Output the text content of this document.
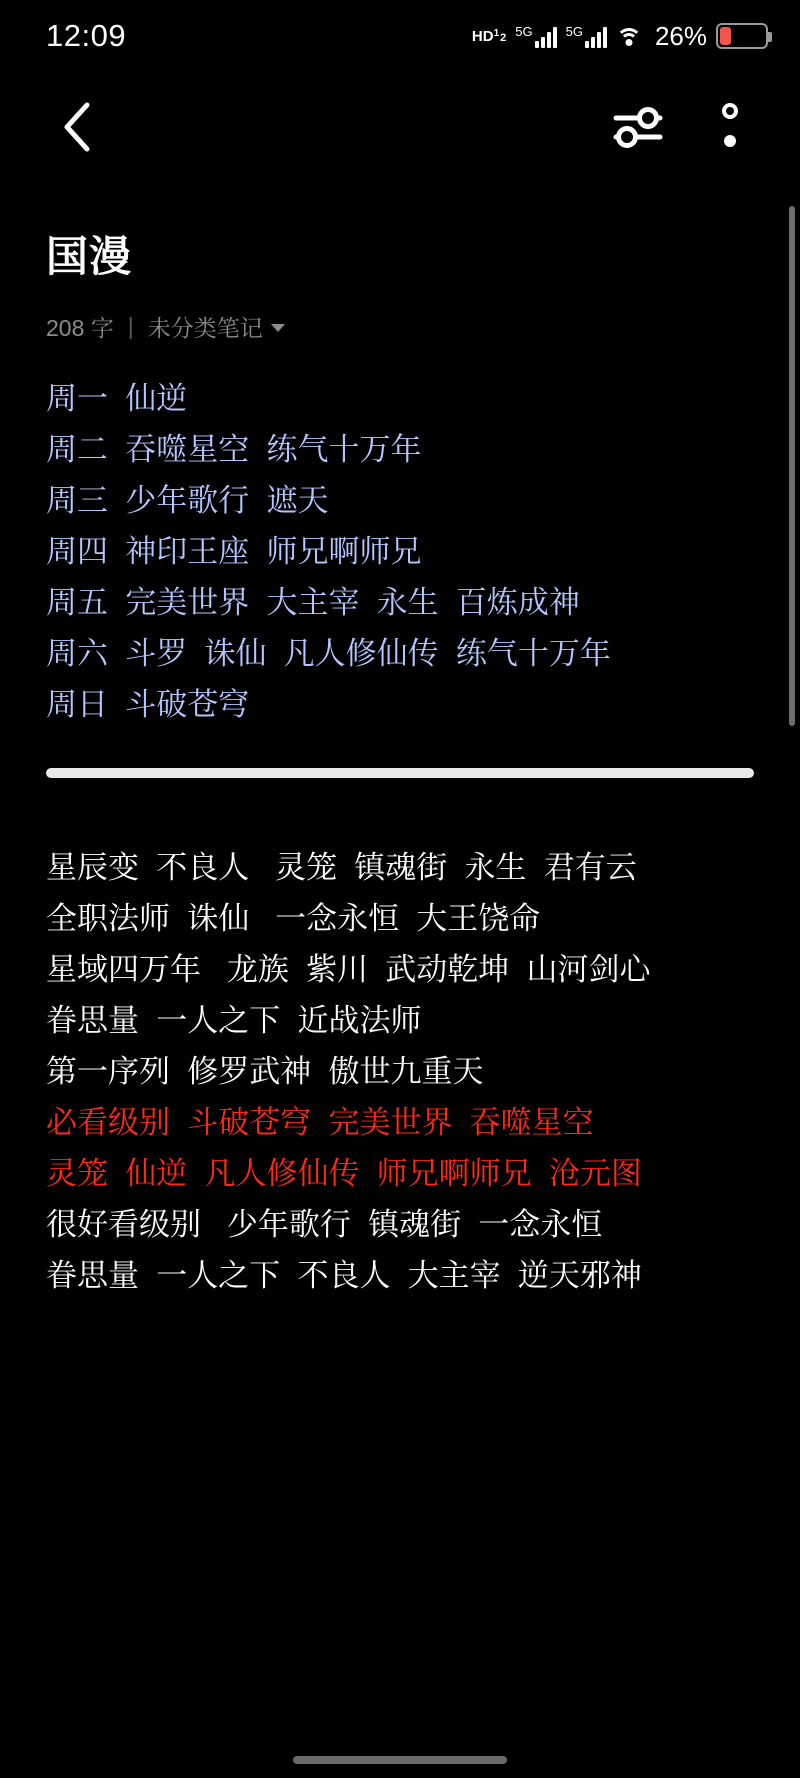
12:09	HD 1 2 5G	5G	26%
国漫
208 字 | 未分类笔记
周一  仙逆
周二  吞噬星空  练气十万年
周三  少年歌行  遮天
周四  神印王座  师兄啊师兄
周五  完美世界  大主宰  永生  百炼成神
周六  斗罗  诛仙  凡人修仙传  练气十万年
周日  斗破苍穹
星辰变  不良人   灵笼  镇魂街  永生  君有云
全职法师  诛仙   一念永恒  大王饶命
星域四万年   龙族  紫川  武动乾坤  山河剑心
眷思量  一人之下  近战法师
第一序列  修罗武神  傲世九重天
必看级别  斗破苍穹  完美世界  吞噬星空
灵笼  仙逆  凡人修仙传  师兄啊师兄  沧元图
很好看级别   少年歌行  镇魂街  一念永恒
眷思量  一人之下  不良人  大主宰  逆天邪神
